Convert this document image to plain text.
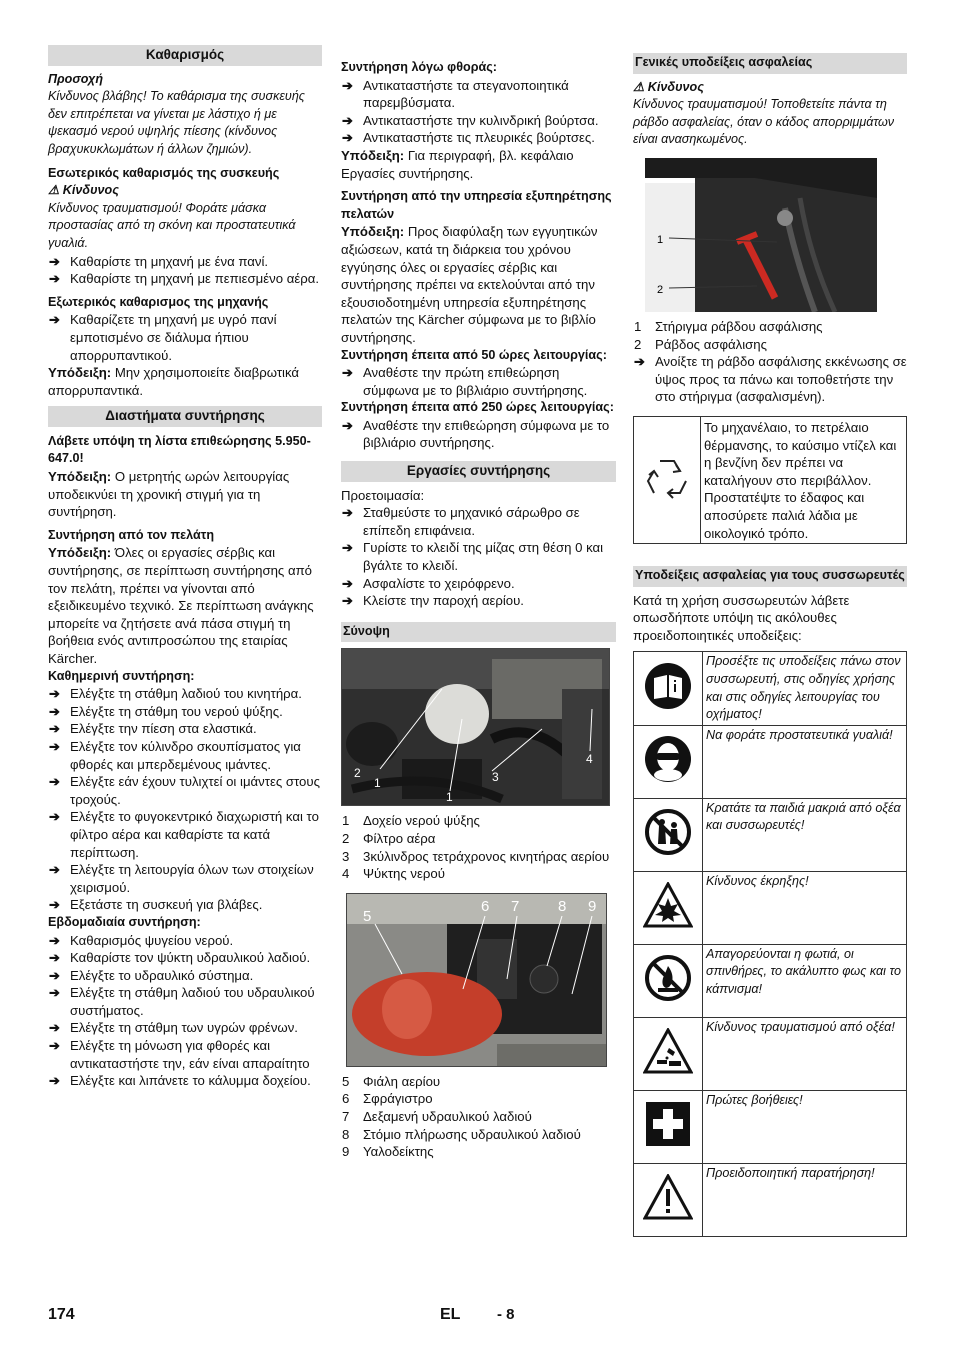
Καθαρισμός

Προσοχή

Κίνδυνος βλάβης! Το καθάρισμα της συσκευής δεν επιτρέπεται να γίνεται με λάστιχο ή με ψεκασμό νερού υψηλής πίεσης (κίνδυνος βραχυκυκλωμάτων ή άλλων ζημιών).

Εσωτερικός καθαρισμός της συσκευής

⚠ Κίνδυνος

Κίνδυνος τραυματισμού! Φοράτε μάσκα προστασίας από τη σκόνη και προστατευτικά γυαλιά.

➔ Καθαρίστε τη μηχανή με ένα πανί.
➔ Καθαρίστε τη μηχανή με πεπιεσμένο αέρα.

Εξωτερικός καθαρισμος της μηχανής

➔ Καθαρίζετε τη μηχανή με υγρό πανί εμποτισμένο σε διάλυμα ήπιου απορρυπαντικού.

Υπόδειξη: Μην χρησιμοποιείτε διαβρωτικά απορρυπαντικά.

Διαστήματα συντήρησης

Λάβετε υπόψη τη λίστα επιθεώρησης 5.950-647.0!

Υπόδειξη: Ο μετρητής ωρών λειτουργίας υποδεικνύει τη χρονική στιγμή για τη συντήρηση.

Συντήρηση από τον πελάτη

Υπόδειξη: Όλες οι εργασίες σέρβις και συντήρησης, σε περίπτωση συντήρησης από τον πελάτη, πρέπει να γίνονται από εξειδικευμένο τεχνικό. Σε περίπτωση ανάγκης μπορείτε να ζητήσετε ανά πάσα στιγμή τη βοήθεια ενός αντιπροσώπου της εταιρίας Kärcher.

Καθημερινή συντήρηση:

➔ Ελέγξτε τη στάθμη λαδιού του κινητήρα.
➔ Ελέγξτε τη στάθμη του νερού ψύξης.
➔ Ελέγξτε την πίεση στα ελαστικά.
➔ Ελέγξτε τον κύλινδρο σκουπίσματος για φθορές και μπερδεμένους ιμάντες.
➔ Ελέγξτε εάν έχουν τυλιχτεί οι ιμάντες στους τροχούς.
➔ Ελέγξτε το φυγοκεντρικό διαχωριστή και το φίλτρο αέρα και καθαρίστε τα κατά περίπτωση.
➔ Ελέγξτε τη λειτουργία όλων των στοιχείων χειρισμού.
➔ Εξετάστε τη συσκευή για βλάβες.

Εβδομαδιαία συντήρηση:

➔ Καθαρισμός ψυγείου νερού.
➔ Καθαρίστε τον ψύκτη υδραυλικού λαδιού.
➔ Ελέγξτε το υδραυλικό σύστημα.
➔ Ελέγξτε τη στάθμη λαδιού του υδραυλικού συστήματος.
➔ Ελέγξτε τη στάθμη των υγρών φρένων.
➔ Ελέγξτε τη μόνωση για φθορές και αντικαταστήστε την, εάν είναι απαραίτητο
➔ Ελέγξτε και λιπάνετε το κάλυμμα δοχείου.

Συντήρηση λόγω φθοράς:

➔ Αντικαταστήστε τα στεγανοποιητικά παρεμβύσματα.
➔ Αντικαταστήστε την κυλινδρική βούρτσα.
➔ Αντικαταστήστε τις πλευρικές βούρτσες.

Υπόδειξη: Για περιγραφή, βλ. κεφάλαιο Εργασίες συντήρησης.

Συντήρηση από την υπηρεσία εξυπηρέτησης πελατών

Υπόδειξη: Προς διαφύλαξη των εγγυητικών αξιώσεων, κατά τη διάρκεια του χρόνου εγγύησης όλες οι εργασίες σέρβις και συντήρησης πρέπει να εκτελούνται από την εξουσιοδοτημένη υπηρεσία εξυπηρέτησης πελατών της Kärcher σύμφωνα με το βιβλίο συντήρησης.

Συντήρηση έπειτα από 50 ώρες λειτουργίας:

➔ Αναθέστε την πρώτη επιθεώρηση σύμφωνα με το βιβλιάριο συντήρησης.

Συντήρηση έπειτα από 250 ώρες λειτουργίας:

➔ Αναθέστε την επιθεώρηση σύμφωνα με το βιβλιάριο συντήρησης.
Εργασίες συντήρησης

Προετοιμασία:

➔ Σταθμεύστε το μηχανικό σάρωθρο σε επίπεδη επιφάνεια.
➔ Γυρίστε το κλειδί της μίζας στη θέση 0 και βγάλτε το κλειδί.
➔ Ασφαλίστε το χειρόφρενο.
➔ Κλείστε την παροχή αερίου.
Σύνοψη
1
1
2	3
4
1 Δοχείο νερού ψύξης
2 Φίλτρο αέρα
3 3κύλινδρος τετράχρονος κινητήρας αερίου
4 Ψύκτης νερού
5
6 7	8 9
5 Φιάλη αερίου
6 Σφράγιστρο
7 Δεξαμενή υδραυλικού λαδιού
8 Στόμιο πλήρωσης υδραυλικού λαδιού
9 Υαλοδείκτης
Γενικές υποδείξεις ασφαλείας

⚠ Κίνδυνος

Κίνδυνος τραυματισμού! Τοποθετείτε πάντα τη ράβδο ασφαλείας, όταν ο κάδος απορριμμάτων είναι ανασηκωμένος.

1
2
1 Στήριγμα ράβδου ασφάλισης
2 Ράβδος ασφάλισης
➔ Ανοίξτε τη ράβδο ασφάλισης εκκένωσης σε ύψος προς τα πάνω και τοποθετήστε την στο στήριγμα (ασφαλισμένη).
Το μηχανέλαιο, το πετρέλαιο θέρμανσης, το καύσιμο ντίζελ και η βενζίνη δεν πρέπει να καταλήγουν στο περιβάλλον. Προστατέψτε το έδαφος και αποσύρετε παλιά λάδια με οικολογικό τρόπο.
Υποδείξεις ασφαλείας για τους συσσωρευτές

Κατά τη χρήση συσσωρευτών λάβετε οπωσδήποτε υπόψη τις ακόλουθες προειδοποιητικές υποδείξεις:

	Προσέξτε τις υποδείξεις πάνω στον συσσωρευτή, στις οδηγίες χρήσης και στις οδηγίες λειτουργίας του οχήματος!
	Να φοράτε προστατευτικά γυαλιά!
	Κρατάτε τα παιδιά μακριά από οξέα και συσσωρευτές!
	Κίνδυνος έκρηξης!
	Απαγορεύονται η φωτιά, οι σπινθήρες, το ακάλυπτο φως και το κάπνισμα!
	Κίνδυνος τραυματισμού από οξέα!
	Πρώτες βοήθειες!
	Προειδοποιητική παρατήρηση!
174	EL - 8
